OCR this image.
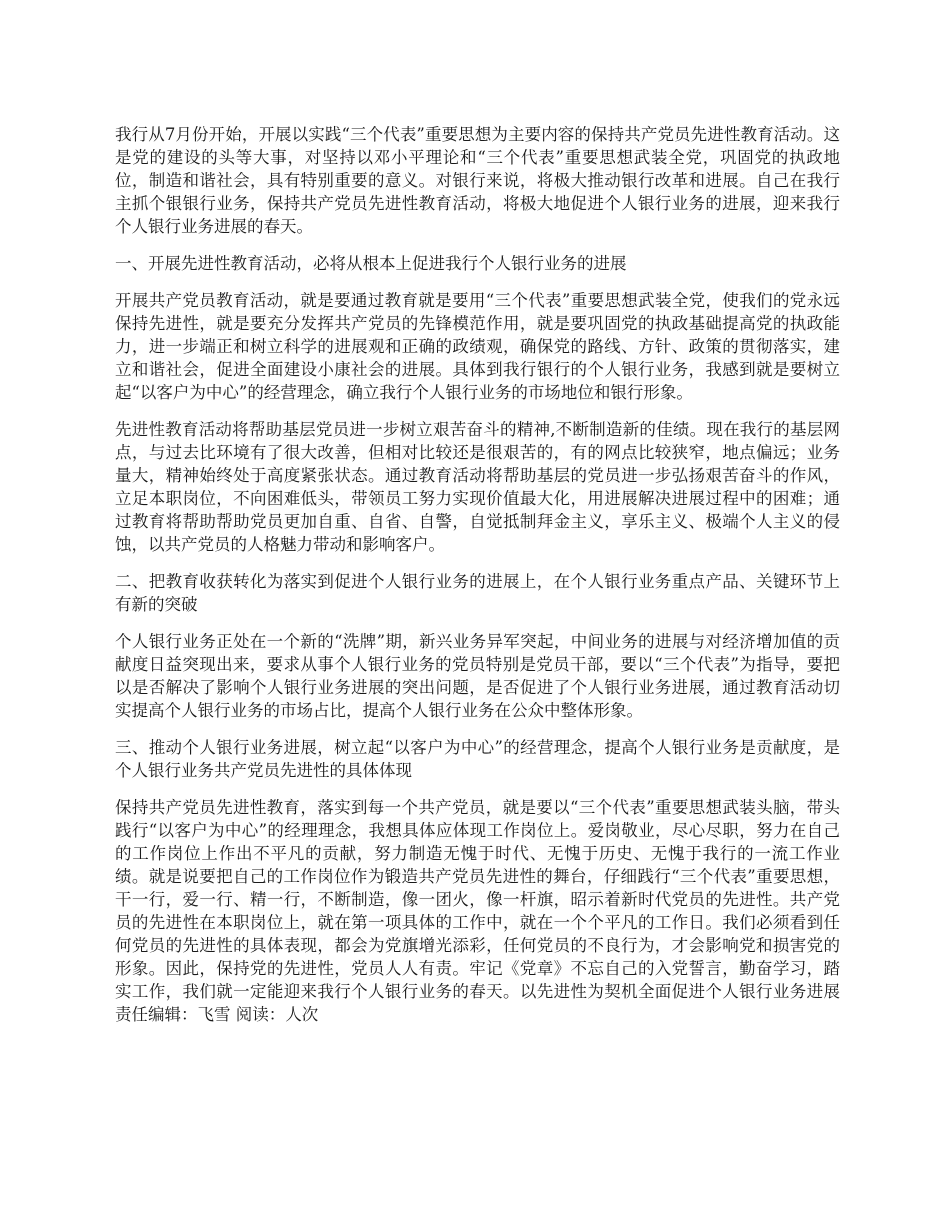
我行从7月份开始，开展以实践“三个代表”重要思想为主要内容的保持共产党员先进性教育活动。这是党的建设的头等大事，对坚持以邓小平理论和“三个代表”重要思想武装全党，巩固党的执政地位，制造和谐社会，具有特别重要的意义。对银行来说，将极大推动银行改革和进展。自己在我行主抓个银银行业务，保持共产党员先进性教育活动，将极大地促进个人银行业务的进展，迎来我行个人银行业务进展的春天。

一、开展先进性教育活动，必将从根本上促进我行个人银行业务的进展

开展共产党员教育活动，就是要通过教育就是要用“三个代表”重要思想武装全党，使我们的党永远保持先进性，就是要充分发挥共产党员的先锋模范作用，就是要巩固党的执政基础提高党的执政能力，进一步端正和树立科学的进展观和正确的政绩观，确保党的路线、方针、政策的贯彻落实，建立和谐社会，促进全面建设小康社会的进展。具体到我行银行的个人银行业务，我感到就是要树立起“以客户为中心”的经营理念，确立我行个人银行业务的市场地位和银行形象。

先进性教育活动将帮助基层党员进一步树立艰苦奋斗的精神,不断制造新的佳绩。现在我行的基层网点，与过去比环境有了很大改善，但相对比较还是很艰苦的，有的网点比较狭窄，地点偏远；业务量大，精神始终处于高度紧张状态。通过教育活动将帮助基层的党员进一步弘扬艰苦奋斗的作风，立足本职岗位，不向困难低头，带领员工努力实现价值最大化，用进展解决进展过程中的困难；通过教育将帮助帮助党员更加自重、自省、自警，自觉抵制拜金主义，享乐主义、极端个人主义的侵蚀，以共产党员的人格魅力带动和影响客户。

二、把教育收获转化为落实到促进个人银行业务的进展上，在个人银行业务重点产品、关键环节上有新的突破

个人银行业务正处在一个新的“洗牌”期，新兴业务异军突起，中间业务的进展与对经济增加值的贡献度日益突现出来，要求从事个人银行业务的党员特别是党员干部，要以“三个代表”为指导，要把以是否解决了影响个人银行业务进展的突出问题，是否促进了个人银行业务进展，通过教育活动切实提高个人银行业务的市场占比，提高个人银行业务在公众中整体形象。

三、推动个人银行业务进展，树立起“以客户为中心”的经营理念，提高个人银行业务是贡献度，是个人银行业务共产党员先进性的具体体现

保持共产党员先进性教育，落实到每一个共产党员，就是要以“三个代表”重要思想武装头脑，带头践行“以客户为中心”的经理理念，我想具体应体现工作岗位上。爱岗敬业，尽心尽职，努力在自己的工作岗位上作出不平凡的贡献，努力制造无愧于时代、无愧于历史、无愧于我行的一流工作业绩。就是说要把自己的工作岗位作为锻造共产党员先进性的舞台，仔细践行“三个代表”重要思想，干一行，爱一行、精一行，不断制造，像一团火，像一杆旗，昭示着新时代党员的先进性。共产党员的先进性在本职岗位上，就在第一项具体的工作中，就在一个个平凡的工作日。我们必须看到任何党员的先进性的具体表现，都会为党旗增光添彩，任何党员的不良行为，才会影响党和损害党的形象。因此，保持党的先进性，党员人人有责。牢记《党章》不忘自己的入党誓言，勤奋学习，踏实工作，我们就一定能迎来我行个人银行业务的春天。以先进性为契机全面促进个人银行业务进展责任编辑：飞雪 阅读：人次
